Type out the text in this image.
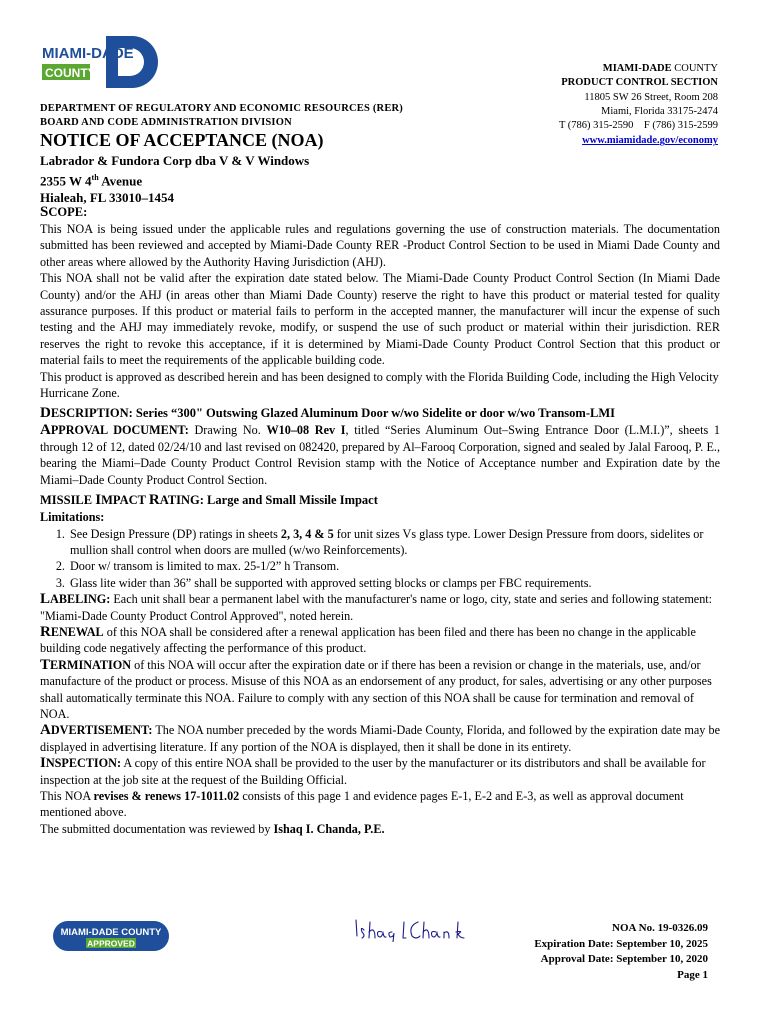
MIAMI-DADE
COUNTY
DEPARTMENT OF REGULATORY AND ECONOMIC RESOURCES (RER)
BOARD AND CODE ADMINISTRATION DIVISION
MIAMI-DADE COUNTY
PRODUCT CONTROL SECTION
11805 SW 26 Street, Room 208
Miami, Florida 33175-2474
T (786) 315-2590    F (786) 315-2599
www.miamidade.gov/economy
NOTICE OF ACCEPTANCE (NOA)
Labrador & Fundora Corp dba V & V Windows
2355 W 4th Avenue
Hialeah, FL 33010–1454
SCOPE:

This NOA is being issued under the applicable rules and regulations governing the use of construction materials. The documentation submitted has been reviewed and accepted by Miami-Dade County RER -Product Control Section to be used in Miami Dade County and other areas where allowed by the Authority Having Jurisdiction (AHJ).

This NOA shall not be valid after the expiration date stated below. The Miami-Dade County Product Control Section (In Miami Dade County) and/or the AHJ (in areas other than Miami Dade County) reserve the right to have this product or material tested for quality assurance purposes. If this product or material fails to perform in the accepted manner, the manufacturer will incur the expense of such testing and the AHJ may immediately revoke, modify, or suspend the use of such product or material within their jurisdiction. RER reserves the right to revoke this acceptance, if it is determined by Miami-Dade County Product Control Section that this product or material fails to meet the requirements of the applicable building code.

This product is approved as described herein and has been designed to comply with the Florida Building Code, including the High Velocity Hurricane Zone.

DESCRIPTION: Series “300" Outswing Glazed Aluminum Door w/wo Sidelite or door w/wo Transom-LMI

APPROVAL DOCUMENT: Drawing No. W10–08 Rev I, titled “Series Aluminum Out–Swing Entrance Door (L.M.I.)”, sheets 1 through 12 of 12, dated 02/24/10 and last revised on 082420, prepared by Al–Farooq Corporation, signed and sealed by Jalal Farooq, P. E., bearing the Miami–Dade County Product Control Revision stamp with the Notice of Acceptance number and Expiration date by the Miami–Dade County Product Control Section.

MISSILE IMPACT RATING: Large and Small Missile Impact
Limitations:
1. See Design Pressure (DP) ratings in sheets 2, 3, 4 & 5 for unit sizes Vs glass type. Lower Design Pressure from doors, sidelites or mullion shall control when doors are mulled (w/wo Reinforcements).
2. Door w/ transom is limited to max. 25-1/2” h Transom.
3. Glass lite wider than 36” shall be supported with approved setting blocks or clamps per FBC requirements.

LABELING: Each unit shall bear a permanent label with the manufacturer's name or logo, city, state and series and following statement: "Miami-Dade County Product Control Approved", noted herein.

RENEWAL of this NOA shall be considered after a renewal application has been filed and there has been no change in the applicable building code negatively affecting the performance of this product.

TERMINATION of this NOA will occur after the expiration date or if there has been a revision or change in the materials, use, and/or manufacture of the product or process. Misuse of this NOA as an endorsement of any product, for sales, advertising or any other purposes shall automatically terminate this NOA. Failure to comply with any section of this NOA shall be cause for termination and removal of NOA.

ADVERTISEMENT: The NOA number preceded by the words Miami-Dade County, Florida, and followed by the expiration date may be displayed in advertising literature. If any portion of the NOA is displayed, then it shall be done in its entirety.

INSPECTION: A copy of this entire NOA shall be provided to the user by the manufacturer or its distributors and shall be available for inspection at the job site at the request of the Building Official.

This NOA revises & renews 17-1011.02 consists of this page 1 and evidence pages E-1, E-2 and E-3, as well as approval document mentioned above.

The submitted documentation was reviewed by Ishaq I. Chanda, P.E.

MIAMI-DADE COUNTY
APPROVED
NOA No. 19-0326.09
Expiration Date: September 10, 2025
Approval Date: September 10, 2020
Page 1
